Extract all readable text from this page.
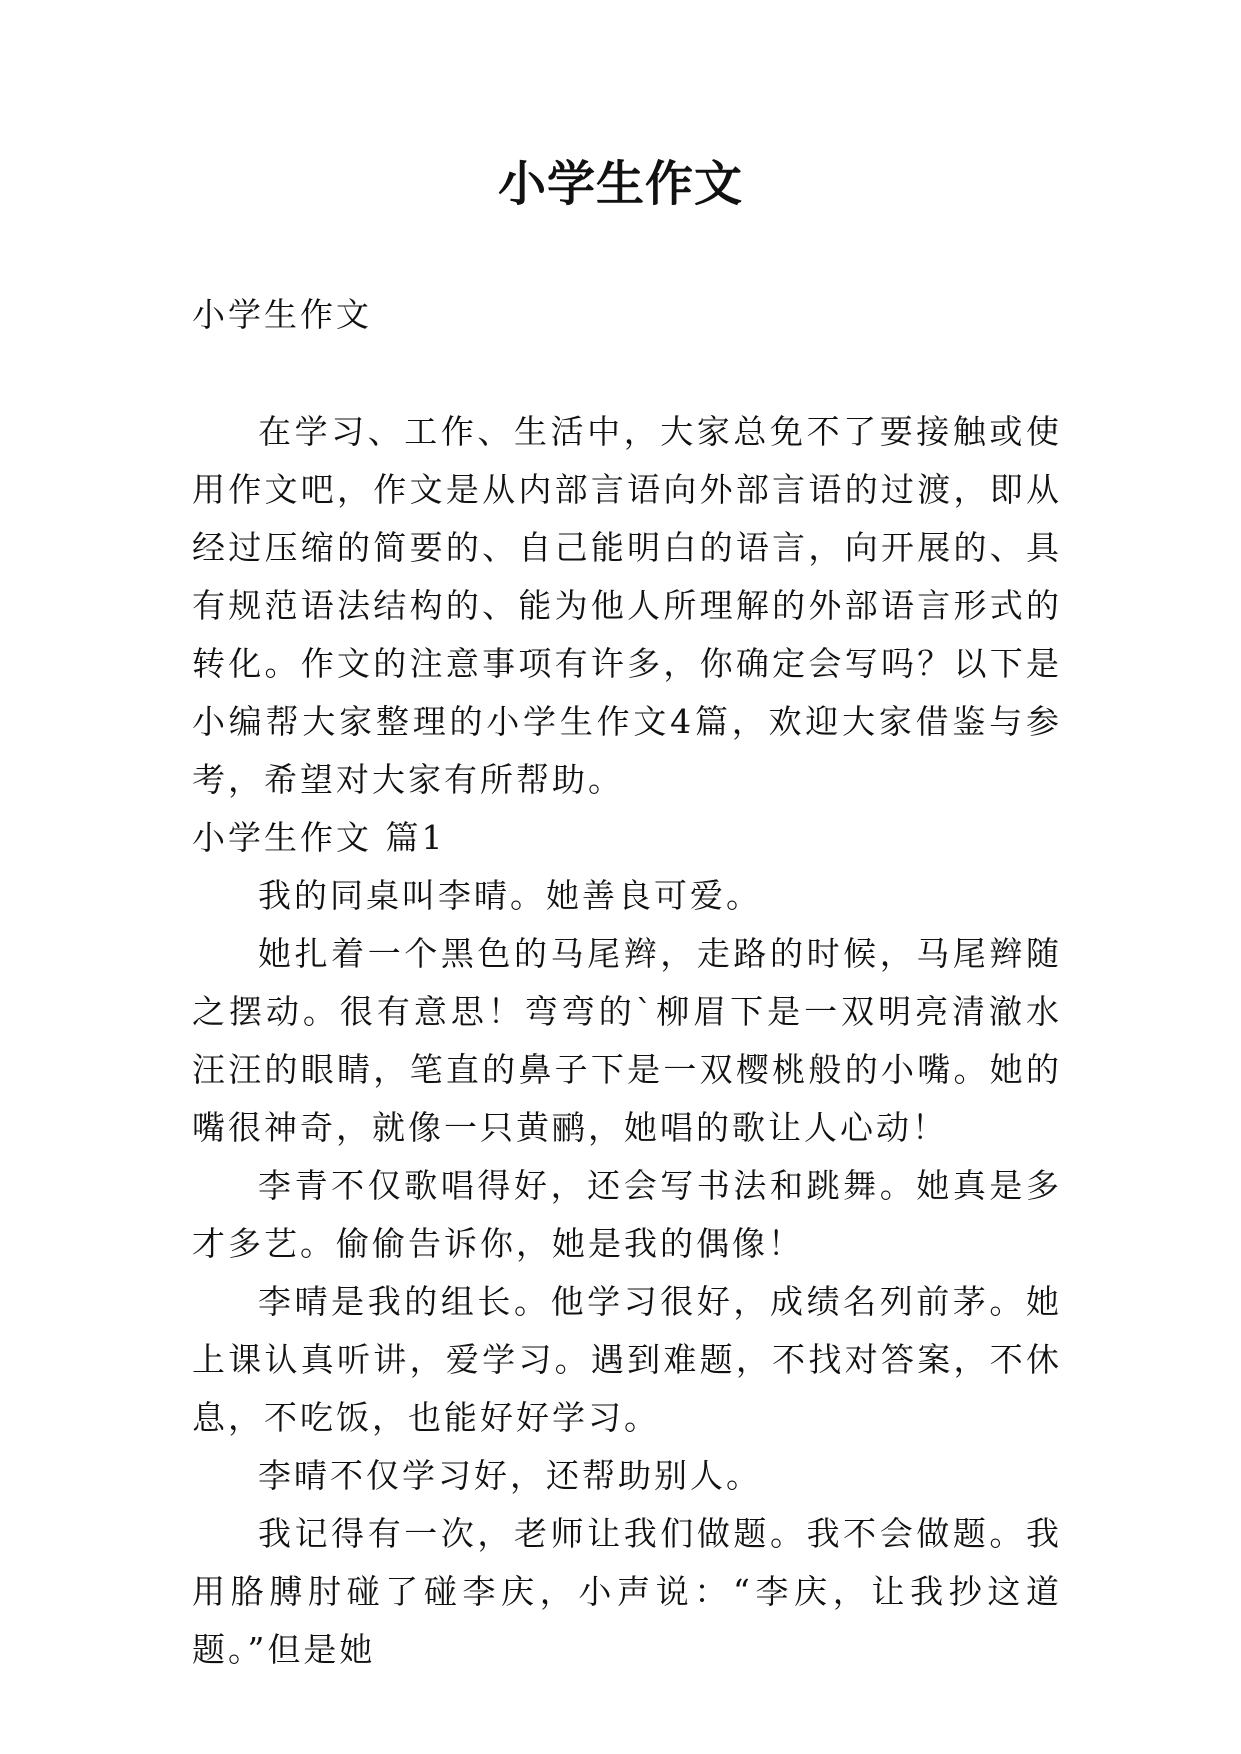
小学生作文
小学生作文

在学习、工作、生活中，大家总免不了要接触或使用作文吧，作文是从内部言语向外部言语的过渡，即从经过压缩的简要的、自己能明白的语言，向开展的、具有规范语法结构的、能为他人所理解的外部语言形式的转化。作文的注意事项有许多，你确定会写吗？以下是小编帮大家整理的小学生作文4篇，欢迎大家借鉴与参考，希望对大家有所帮助。

小学生作文 篇1

我的同桌叫李晴。她善良可爱。

她扎着一个黑色的马尾辫，走路的时候，马尾辫随之摆动。很有意思！弯弯的`柳眉下是一双明亮清澈水汪汪的眼睛，笔直的鼻子下是一双樱桃般的小嘴。她的嘴很神奇，就像一只黄鹂，她唱的歌让人心动！

李青不仅歌唱得好，还会写书法和跳舞。她真是多才多艺。偷偷告诉你，她是我的偶像！

李晴是我的组长。他学习很好，成绩名列前茅。她上课认真听讲，爱学习。遇到难题，不找对答案，不休息，不吃饭，也能好好学习。

李晴不仅学习好，还帮助别人。

我记得有一次，老师让我们做题。我不会做题。我用胳膊肘碰了碰李庆，小声说：“李庆，让我抄这道题。”但是她
